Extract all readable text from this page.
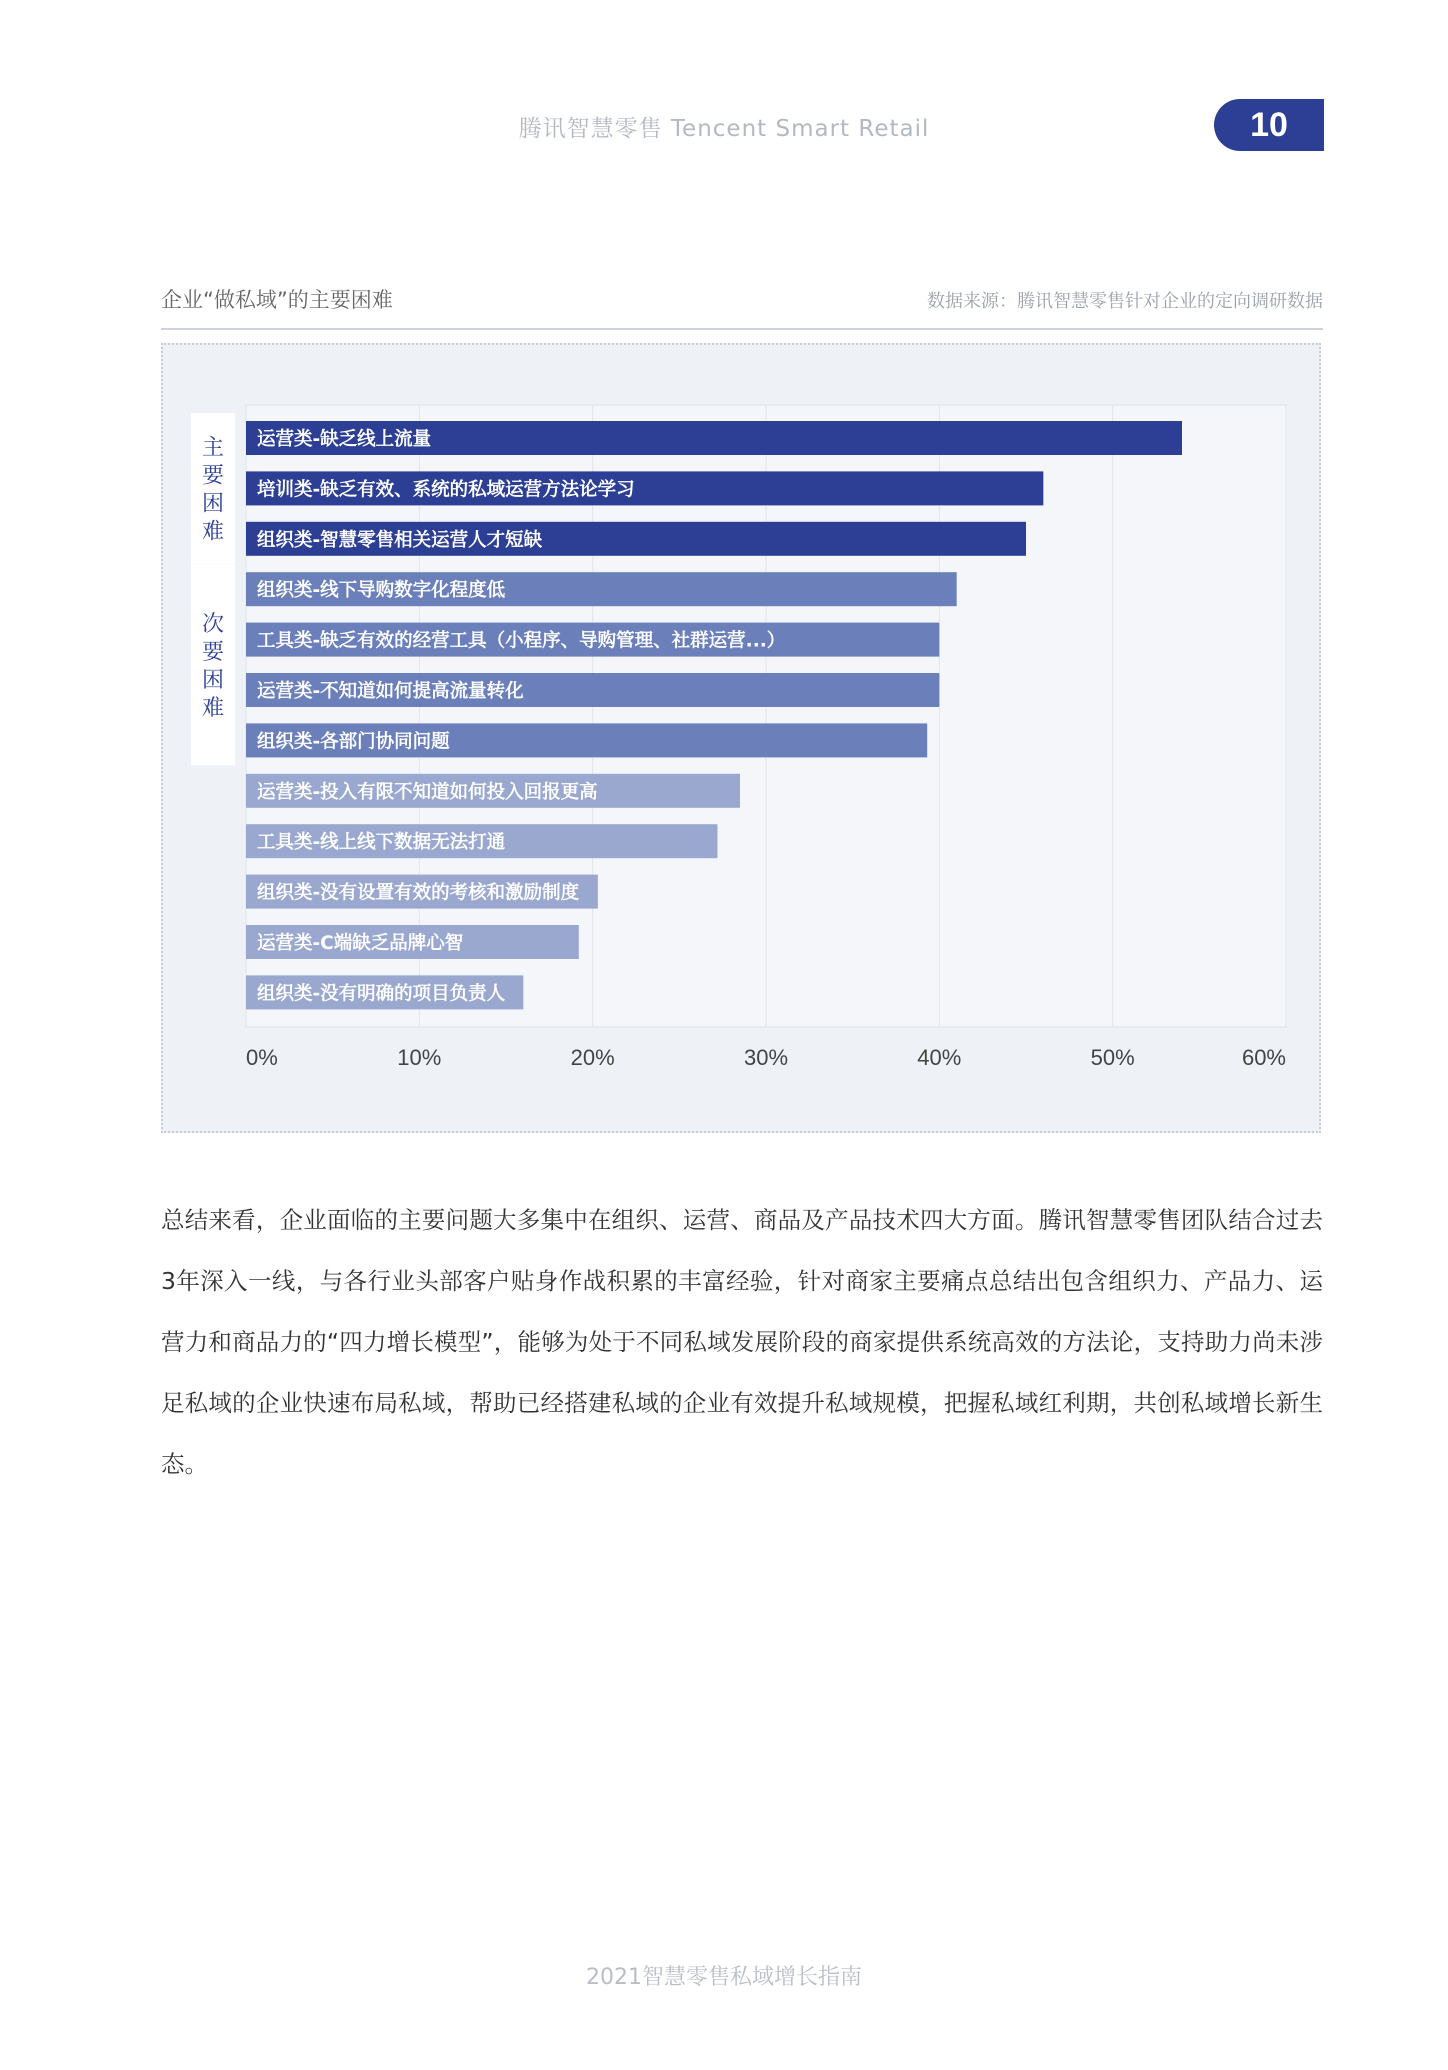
腾讯智慧零售 Tencent Smart Retail	10
企业“做私域”的主要困难	数据来源：腾讯智慧零售针对企业的定向调研数据
主
要
困
难
次
要
困
难
运营类-缺乏线上流量
培训类-缺乏有效、系统的私域运营方法论学习
组织类-智慧零售相关运营人才短缺
组织类-线下导购数字化程度低
工具类-缺乏有效的经营工具（小程序、导购管理、社群运营...）
运营类-不知道如何提高流量转化
组织类-各部门协同问题
运营类-投入有限不知道如何投入回报更高
工具类-线上线下数据无法打通
组织类-没有设置有效的考核和激励制度
运营类-C端缺乏品牌心智
组织类-没有明确的项目负责人
0%	10%	20%	30%	40%	50%	60%

总结来看，企业面临的主要问题大多集中在组织、运营、商品及产品技术四大方面。腾讯智慧零售团队结合过去3年深入一线，与各行业头部客户贴身作战积累的丰富经验，针对商家主要痛点总结出包含组织力、产品力、运营力和商品力的“四力增长模型”，能够为处于不同私域发展阶段的商家提供系统高效的方法论，支持助力尚未涉足私域的企业快速布局私域，帮助已经搭建私域的企业有效提升私域规模，把握私域红利期，共创私域增长新生态。

2021智慧零售私域增长指南
